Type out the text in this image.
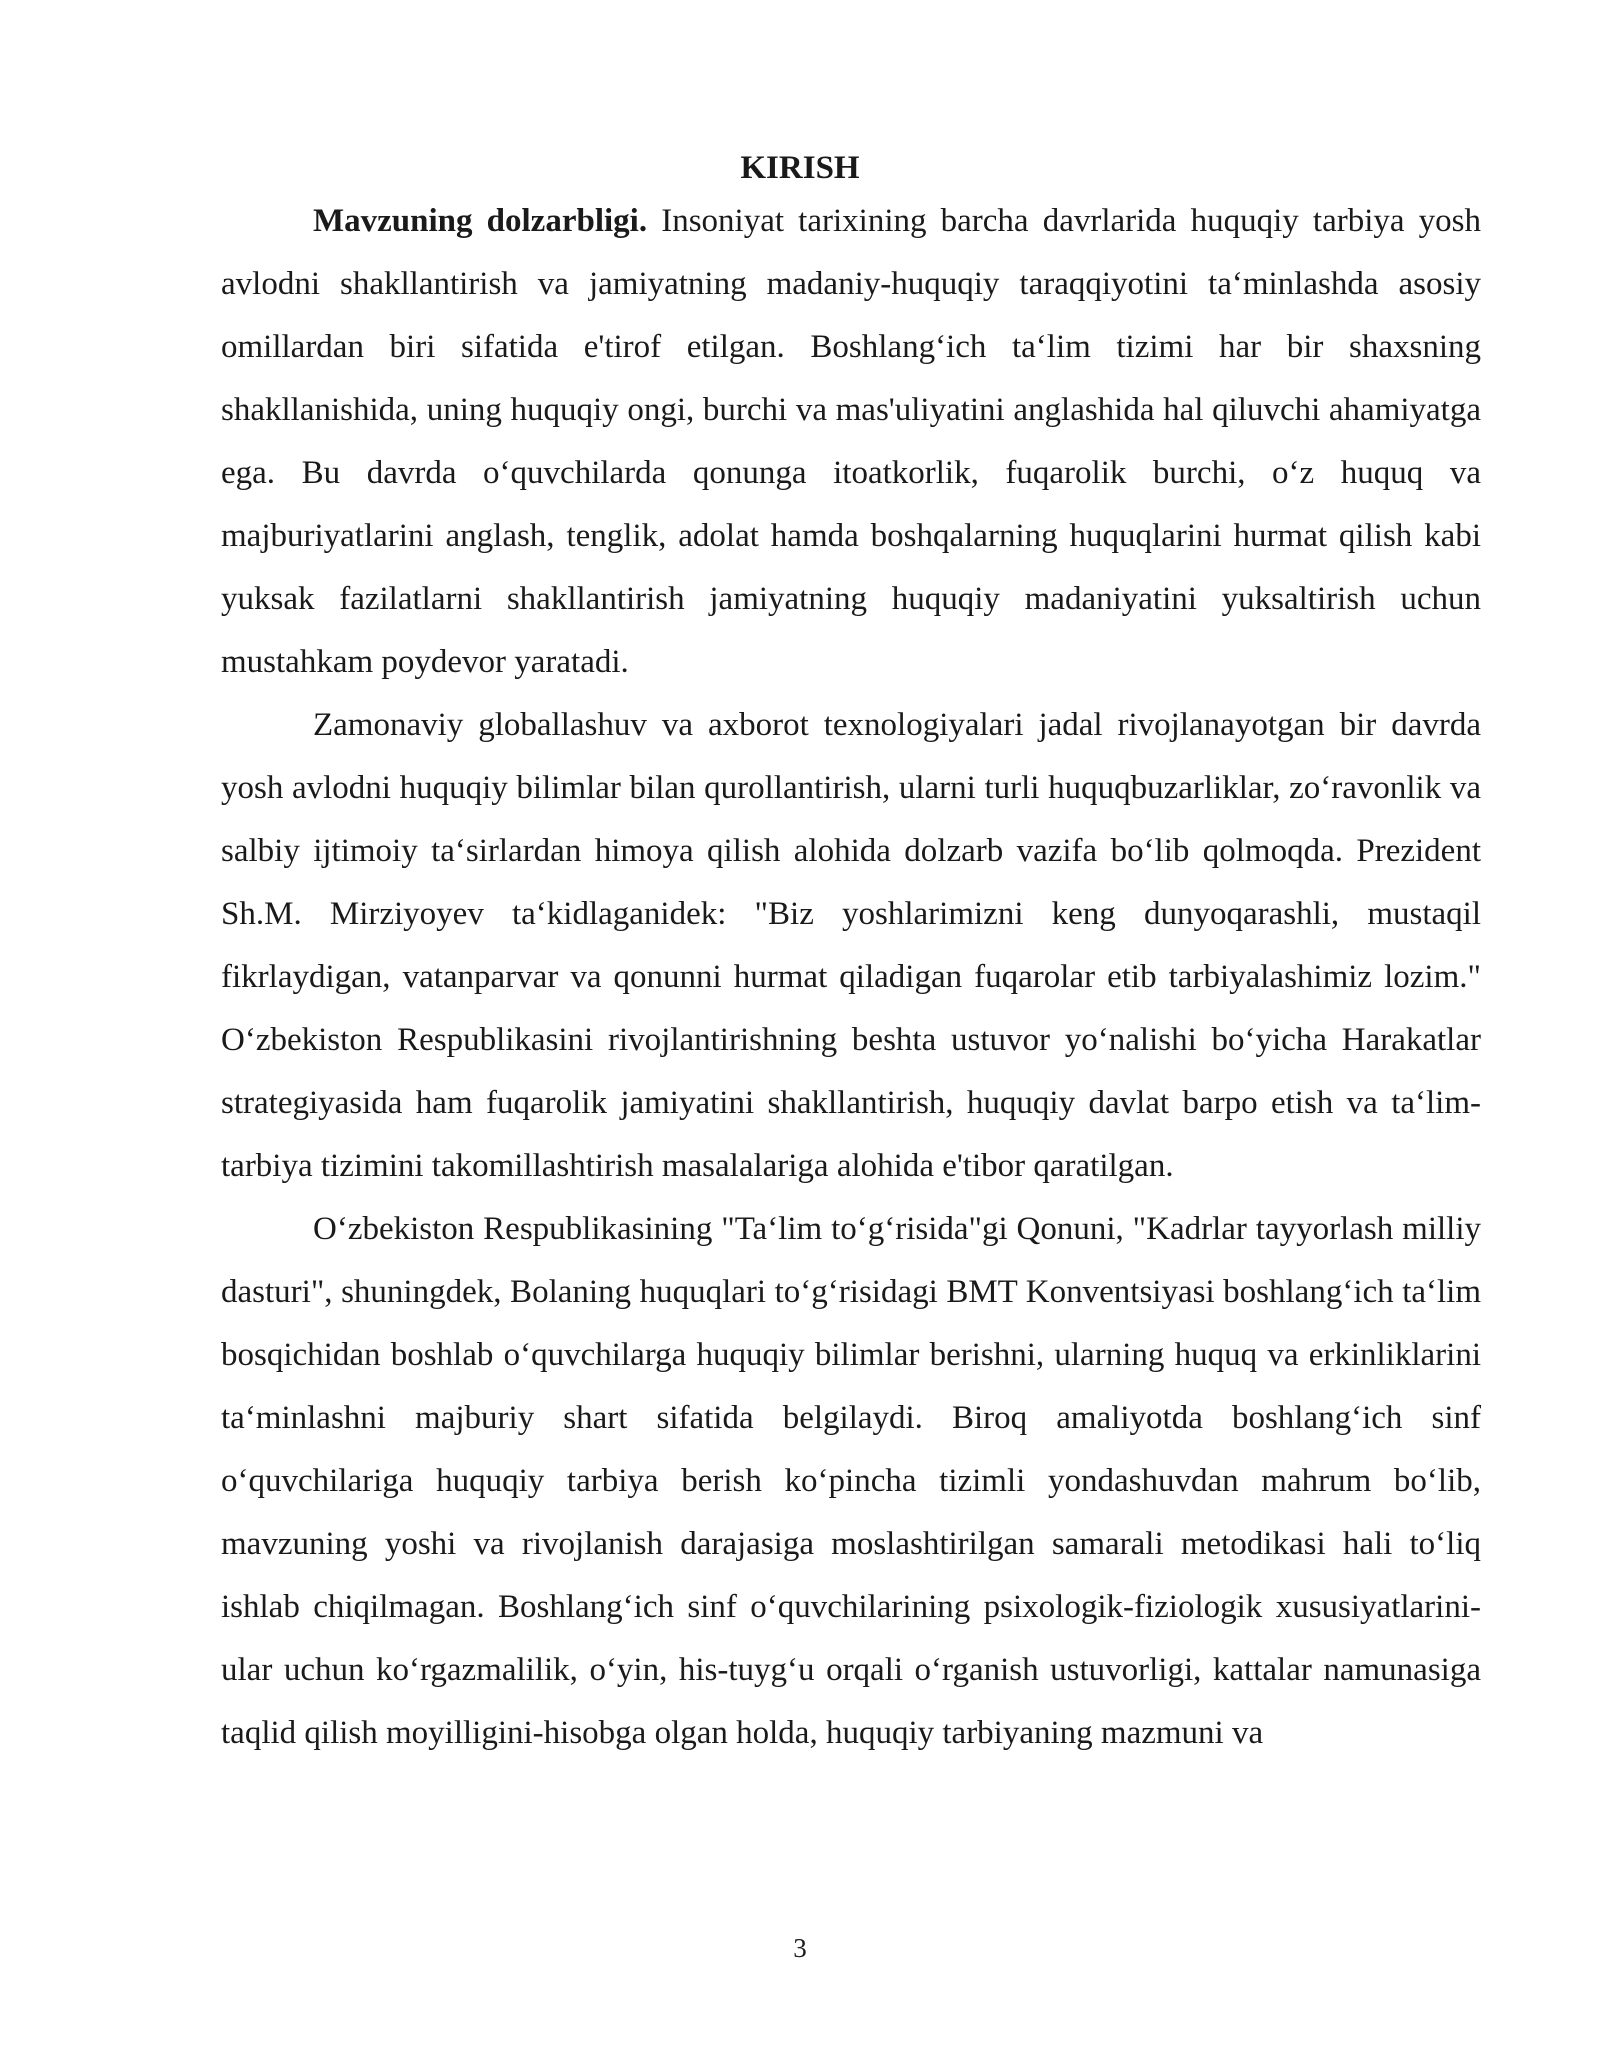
KIRISH

Mavzuning dolzarbligi. Insoniyat tarixining barcha davrlarida huquqiy tarbiya yosh avlodni shakllantirish va jamiyatning madaniy-huquqiy taraqqiyotini ta‘minlashda asosiy omillardan biri sifatida e'tirof etilgan. Boshlang‘ich ta‘lim tizimi har bir shaxsning shakllanishida, uning huquqiy ongi, burchi va mas'uliyatini anglashida hal qiluvchi ahamiyatga ega. Bu davrda o‘quvchilarda qonunga itoatkorlik, fuqarolik burchi, o‘z huquq va majburiyatlarini anglash, tenglik, adolat hamda boshqalarning huquqlarini hurmat qilish kabi yuksak fazilatlarni shakllantirish jamiyatning huquqiy madaniyatini yuksaltirish uchun mustahkam poydevor yaratadi.

Zamonaviy globallashuv va axborot texnologiyalari jadal rivojlanayotgan bir davrda yosh avlodni huquqiy bilimlar bilan qurollantirish, ularni turli huquqbuzarliklar, zo‘ravonlik va salbiy ijtimoiy ta‘sirlardan himoya qilish alohida dolzarb vazifa bo‘lib qolmoqda. Prezident Sh.M. Mirziyoyev ta‘kidlaganidek: "Biz yoshlarimizni keng dunyoqarashli, mustaqil fikrlaydigan, vatanparvar va qonunni hurmat qiladigan fuqarolar etib tarbiyalashimiz lozim." O‘zbekiston Respublikasini rivojlantirishning beshta ustuvor yo‘nalishi bo‘yicha Harakatlar strategiyasida ham fuqarolik jamiyatini shakllantirish, huquqiy davlat barpo etish va ta‘lim-tarbiya tizimini takomillashtirish masalalariga alohida e'tibor qaratilgan.

O‘zbekiston Respublikasining "Ta‘lim to‘g‘risida"gi Qonuni, "Kadrlar tayyorlash milliy dasturi", shuningdek, Bolaning huquqlari to‘g‘risidagi BMT Konventsiyasi boshlang‘ich ta‘lim bosqichidan boshlab o‘quvchilarga huquqiy bilimlar berishni, ularning huquq va erkinliklarini ta‘minlashni majburiy shart sifatida belgilaydi. Biroq amaliyotda boshlang‘ich sinf o‘quvchilariga huquqiy tarbiya berish ko‘pincha tizimli yondashuvdan mahrum bo‘lib, mavzuning yoshi va rivojlanish darajasiga moslashtirilgan samarali metodikasi hali to‘liq ishlab chiqilmagan. Boshlang‘ich sinf o‘quvchilarining psixologik-fiziologik xususiyatlarini-ular uchun ko‘rgazmalilik, o‘yin, his-tuyg‘u orqali o‘rganish ustuvorligi, kattalar namunasiga taqlid qilish moyilligini-hisobga olgan holda, huquqiy tarbiyaning mazmuni va

3
